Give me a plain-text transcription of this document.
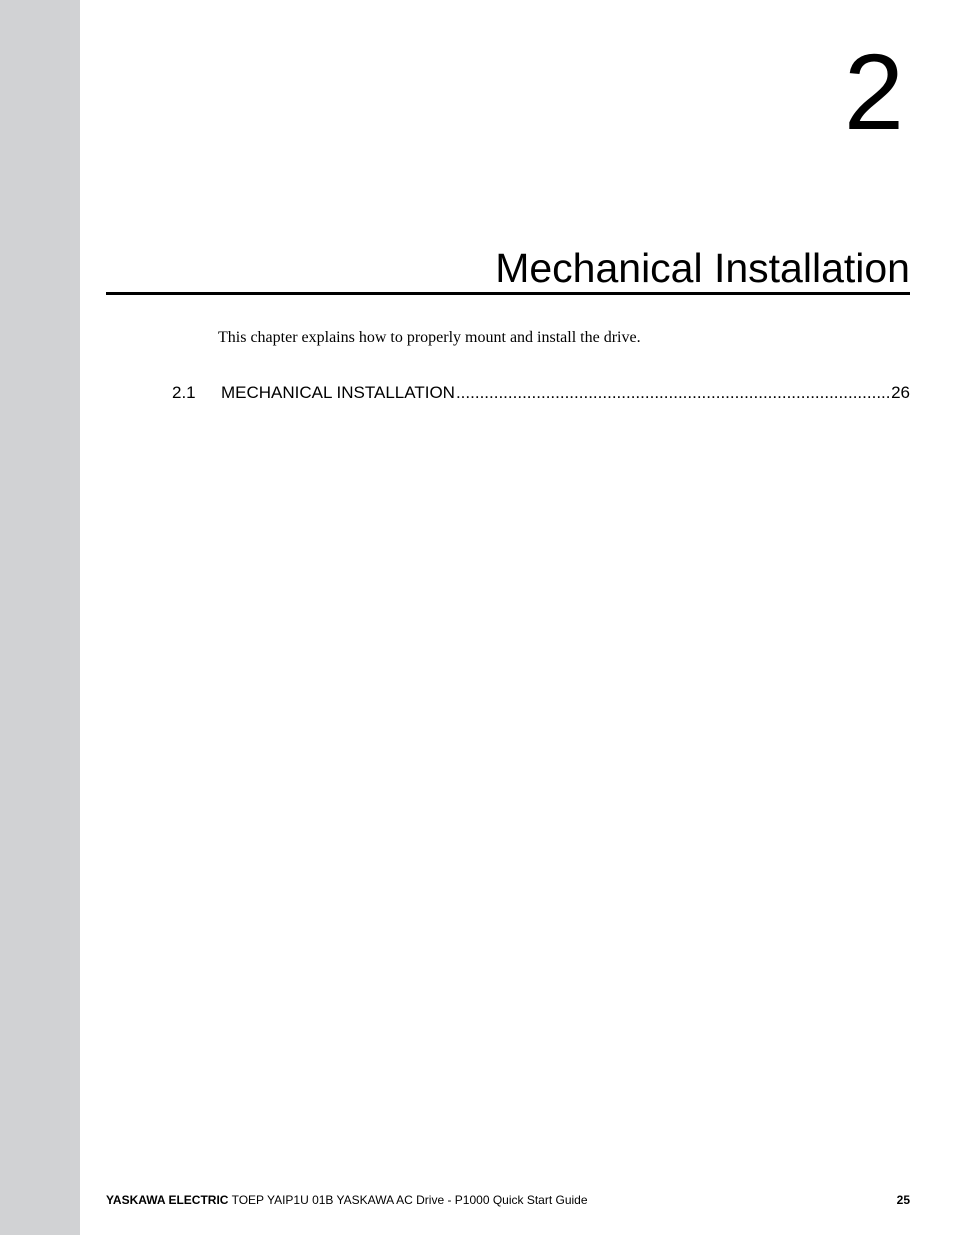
2
Mechanical Installation
This chapter explains how to properly mount and install the drive.
2.1	MECHANICAL INSTALLATION
.....	26
YASKAWA ELECTRIC TOEP YAIP1U 01B YASKAWA AC Drive - P1000 Quick Start Guide	25
